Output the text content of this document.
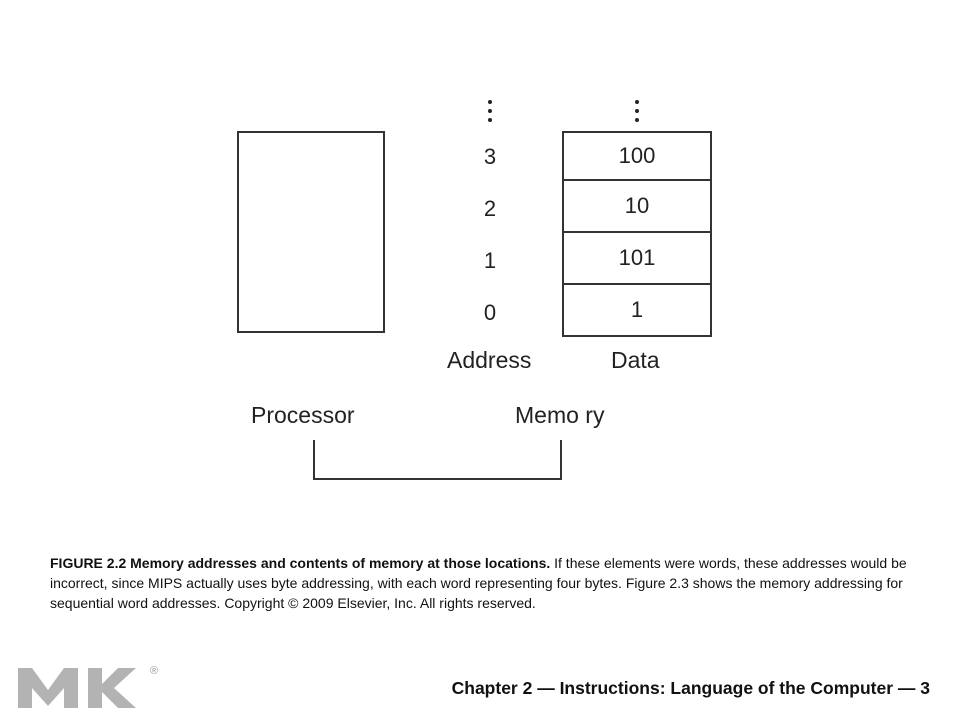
3
2
1
0
100
10
101
1
Address	Data
Processor	Memo ry
FIGURE 2.2 Memory addresses and contents of memory at those locations. If these elements were words, these addresses would be incorrect, since MIPS actually uses byte addressing, with each word representing four bytes. Figure 2.3 shows the memory addressing for sequential word addresses. Copyright © 2009 Elsevier, Inc. All rights reserved.
®
Chapter 2 — Instructions: Language of the Computer — 3
